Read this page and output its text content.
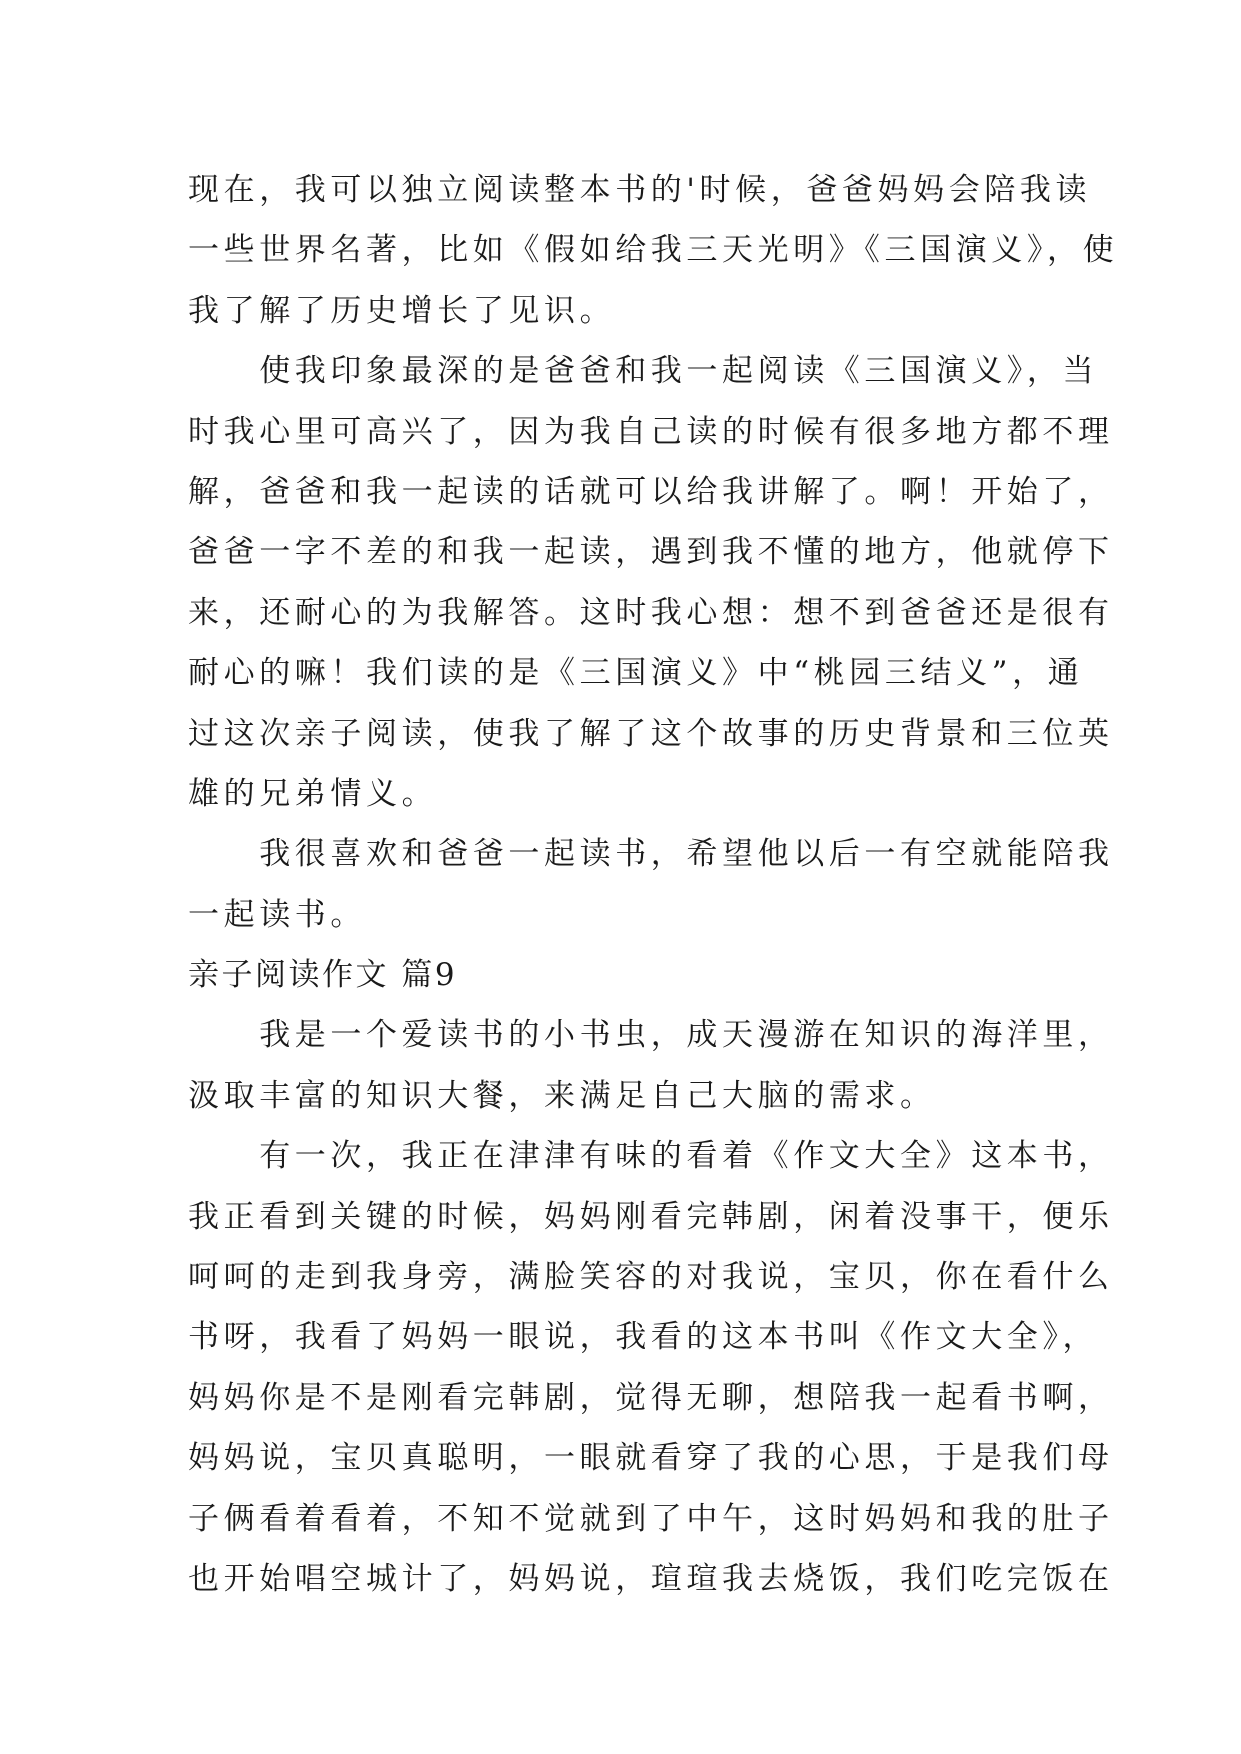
现在，我可以独立阅读整本书的'时候，爸爸妈妈会陪我读
一些世界名著，比如《假如给我三天光明》《三国演义》，使
我了解了历史增长了见识。
　　使我印象最深的是爸爸和我一起阅读《三国演义》，当
时我心里可高兴了，因为我自己读的时候有很多地方都不理
解，爸爸和我一起读的话就可以给我讲解了。啊！开始了，
爸爸一字不差的和我一起读，遇到我不懂的地方，他就停下
来，还耐心的为我解答。这时我心想：想不到爸爸还是很有
耐心的嘛！我们读的是《三国演义》中“桃园三结义”，通
过这次亲子阅读，使我了解了这个故事的历史背景和三位英
雄的兄弟情义。
　　我很喜欢和爸爸一起读书，希望他以后一有空就能陪我
一起读书。
亲子阅读作文 篇9
　　我是一个爱读书的小书虫，成天漫游在知识的海洋里，
汲取丰富的知识大餐，来满足自己大脑的需求。
　　有一次，我正在津津有味的看着《作文大全》这本书，
我正看到关键的时候，妈妈刚看完韩剧，闲着没事干，便乐
呵呵的走到我身旁，满脸笑容的对我说，宝贝，你在看什么
书呀，我看了妈妈一眼说，我看的这本书叫《作文大全》，
妈妈你是不是刚看完韩剧，觉得无聊，想陪我一起看书啊，
妈妈说，宝贝真聪明，一眼就看穿了我的心思，于是我们母
子俩看着看着，不知不觉就到了中午，这时妈妈和我的肚子
也开始唱空城计了，妈妈说，瑄瑄我去烧饭，我们吃完饭在
